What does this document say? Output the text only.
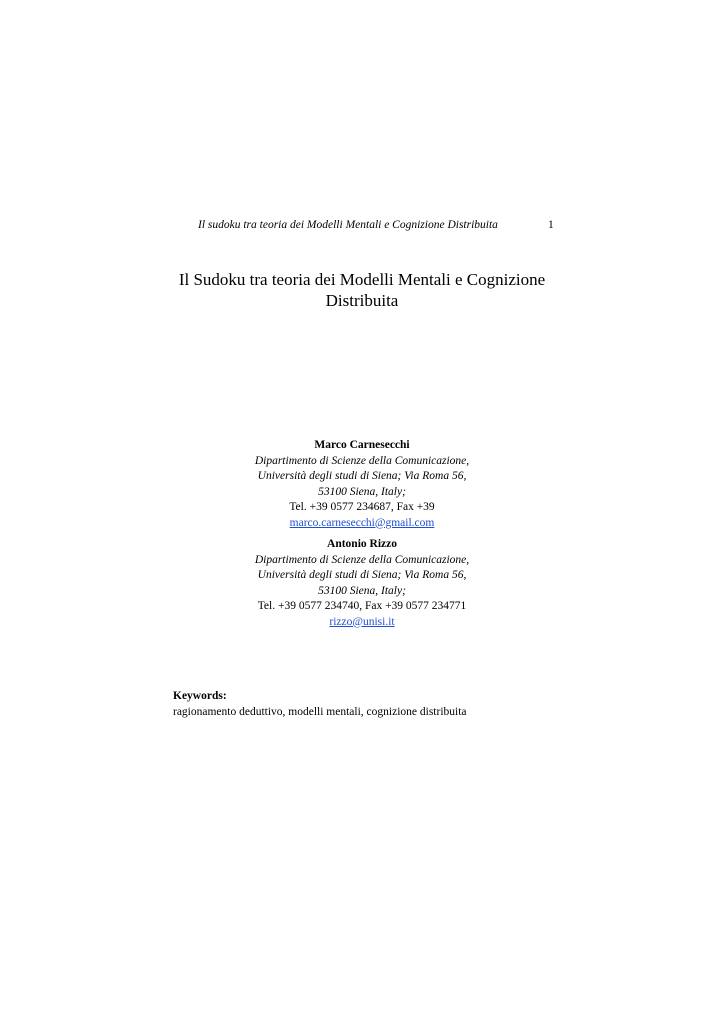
Il sudoku tra teoria dei Modelli Mentali e Cognizione Distribuita	1
Il Sudoku tra teoria dei Modelli Mentali e Cognizione
Distribuita
Marco Carnesecchi
Dipartimento di Scienze della Comunicazione,
Università degli studi di Siena; Via Roma 56,
53100 Siena, Italy;
Tel. +39 0577 234687, Fax +39
marco.carnesecchi@gmail.com
Antonio Rizzo
Dipartimento di Scienze della Comunicazione,
Università degli studi di Siena; Via Roma 56,
53100 Siena, Italy;
Tel. +39 0577 234740, Fax +39 0577 234771
rizzo@unisi.it
Keywords:
ragionamento deduttivo, modelli mentali, cognizione distribuita
